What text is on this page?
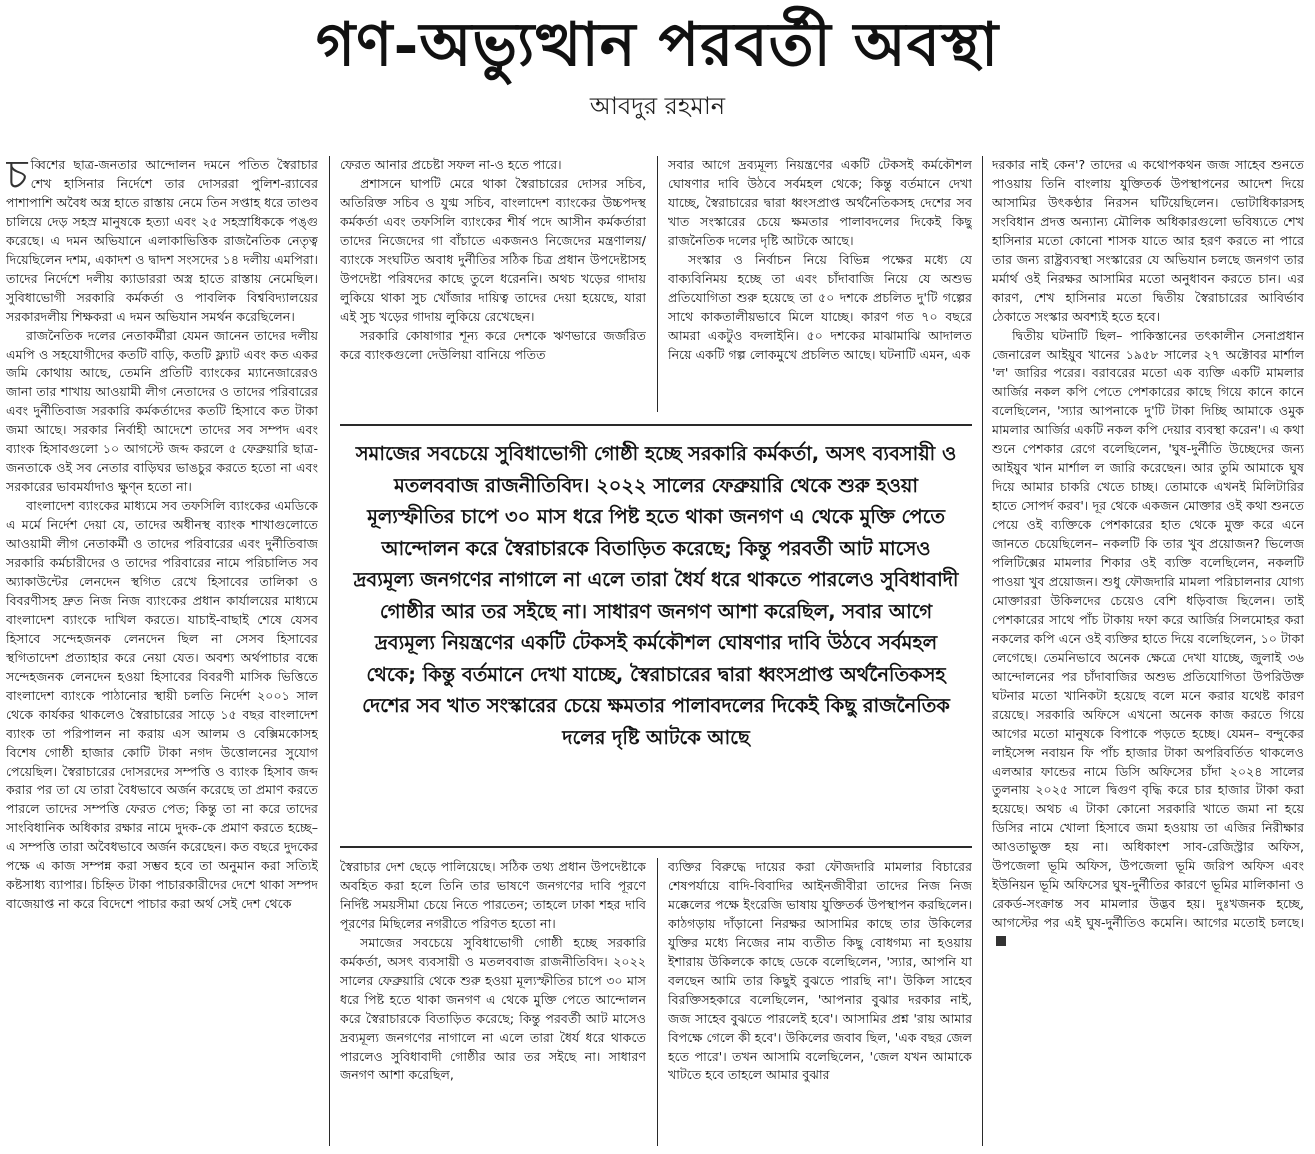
গণ-অভ্যুত্থান পরবর্তী অবস্থা
আবদুর রহমান

চব্বিশের ছাত্র-জনতার আন্দোলন দমনে পতিত স্বৈরাচার শেখ হাসিনার নির্দেশে তার দোসররা পুলিশ-র‍্যাবের পাশাপাশি অবৈধ অস্ত্র হাতে রাস্তায় নেমে তিন সপ্তাহ ধরে তাণ্ডব চালিয়ে দেড় সহস্র মানুষকে হত্যা এবং ২৫ সহস্রাধিককে পঙ্গু করেছে। এ দমন অভিযানে এলাকাভিত্তিক রাজনৈতিক নেতৃত্ব দিয়েছিলেন দশম, একাদশ ও দ্বাদশ সংসদের ১৪ দলীয় এমপিরা। তাদের নির্দেশে দলীয় ক্যাডাররা অস্ত্র হাতে রাস্তায় নেমেছিল। সুবিধাভোগী সরকারি কর্মকর্তা ও পাবলিক বিশ্ববিদ্যালয়ের সরকারদলীয় শিক্ষকরা এ দমন অভিযান সমর্থন করেছিলেন।

রাজনৈতিক দলের নেতাকর্মীরা যেমন জানেন তাদের দলীয় এমপি ও সহযোগীদের কতটি বাড়ি, কতটি ফ্ল্যাট এবং কত একর জমি কোথায় আছে, তেমনি প্রতিটি ব্যাংকের ম্যানেজারেরও জানা তার শাখায় আওয়ামী লীগ নেতাদের ও তাদের পরিবারের এবং দুর্নীতিবাজ সরকারি কর্মকর্তাদের কতটি হিসাবে কত টাকা জমা আছে। সরকার নির্বাহী আদেশে তাদের সব সম্পদ এবং ব্যাংক হিসাবগুলো ১০ আগস্টে জব্দ করলে ৫ ফেব্রুয়ারি ছাত্র-জনতাকে ওই সব নেতার বাড়িঘর ভাঙচুর করতে হতো না এবং সরকারের ভাবমর্যাদাও ক্ষুণ্ন হতো না।

বাংলাদেশ ব্যাংকের মাধ্যমে সব তফসিলি ব্যাংকের এমডিকে এ মর্মে নির্দেশ দেয়া যে, তাদের অধীনস্থ ব্যাংক শাখাগুলোতে আওয়ামী লীগ নেতাকর্মী ও তাদের পরিবারের এবং দুর্নীতিবাজ সরকারি কর্মচারীদের ও তাদের পরিবারের নামে পরিচালিত সব অ্যাকাউন্টের লেনদেন স্থগিত রেখে হিসাবের তালিকা ও বিবরণীসহ দ্রুত নিজ নিজ ব্যাংকের প্রধান কার্যালয়ের মাধ্যমে বাংলাদেশ ব্যাংকে দাখিল করতে। যাচাই-বাছাই শেষে যেসব হিসাবে সন্দেহজনক লেনদেন ছিল না সেসব হিসাবের স্থগিতাদেশ প্রত্যাহার করে নেয়া যেত। অবশ্য অর্থপাচার বন্ধে সন্দেহজনক লেনদেন হওয়া হিসাবের বিবরণী মাসিক ভিত্তিতে বাংলাদেশ ব্যাংকে পাঠানোর স্থায়ী চলতি নির্দেশ ২০০১ সাল থেকে কার্যকর থাকলেও স্বৈরাচারের সাড়ে ১৫ বছর বাংলাদেশ ব্যাংক তা পরিপালন না করায় এস আলম ও বেক্সিমকোসহ বিশেষ গোষ্ঠী হাজার কোটি টাকা নগদ উত্তোলনের সুযোগ পেয়েছিল। স্বৈরাচারের দোসরদের সম্পত্তি ও ব্যাংক হিসাব জব্দ করার পর তা যে তারা বৈধভাবে অর্জন করেছে তা প্রমাণ করতে পারলে তাদের সম্পত্তি ফেরত পেত; কিন্তু তা না করে তাদের সাংবিধানিক অধিকার রক্ষার নামে দুদক-কে প্রমাণ করতে হচ্ছে– এ সম্পত্তি তারা অবৈধভাবে অর্জন করেছেন। কত বছরে দুদকের পক্ষে এ কাজ সম্পন্ন করা সম্ভব হবে তা অনুমান করা সত্যিই কষ্টসাধ্য ব্যাপার। চিহ্নিত টাকা পাচারকারীদের দেশে থাকা সম্পদ বাজেয়াপ্ত না করে বিদেশে পাচার করা অর্থ সেই দেশ থেকে

ফেরত আনার প্রচেষ্টা সফল না-ও হতে পারে।

প্রশাসনে ঘাপটি মেরে থাকা স্বৈরাচারের দোসর সচিব, অতিরিক্ত সচিব ও যুগ্ম সচিব, বাংলাদেশ ব্যাংকের উচ্চপদস্থ কর্মকর্তা এবং তফসিলি ব্যাংকের শীর্ষ পদে আসীন কর্মকর্তারা তাদের নিজেদের গা বাঁচাতে একজনও নিজেদের মন্ত্রণালয়/ব্যাংকে সংঘটিত অবাধ দুর্নীতির সঠিক চিত্র প্রধান উপদেষ্টাসহ উপদেষ্টা পরিষদের কাছে তুলে ধরেননি। অথচ খড়ের গাদায় লুকিয়ে থাকা সুচ খোঁজার দায়িত্ব তাদের দেয়া হয়েছে, যারা এই সুচ খড়ের গাদায় লুকিয়ে রেখেছেন।

সরকারি কোষাগার শূন্য করে দেশকে ঋণভারে জর্জরিত করে ব্যাংকগুলো দেউলিয়া বানিয়ে পতিত

সবার আগে দ্রব্যমূল্য নিয়ন্ত্রণের একটি টেকসই কর্মকৌশল ঘোষণার দাবি উঠবে সর্বমহল থেকে; কিন্তু বর্তমানে দেখা যাচ্ছে, স্বৈরাচারের দ্বারা ধ্বংসপ্রাপ্ত অর্থনৈতিকসহ দেশের সব খাত সংস্কারের চেয়ে ক্ষমতার পালাবদলের দিকেই কিছু রাজনৈতিক দলের দৃষ্টি আটকে আছে।

সংস্কার ও নির্বাচন নিয়ে বিভিন্ন পক্ষের মধ্যে যে বাক্যবিনিময় হচ্ছে তা এবং চাঁদাবাজি নিয়ে যে অশুভ প্রতিযোগিতা শুরু হয়েছে তা ৫০ দশকে প্রচলিত দু'টি গল্পের সাথে কাকতালীয়ভাবে মিলে যাচ্ছে। কারণ গত ৭০ বছরে আমরা একটুও বদলাইনি। ৫০ দশকের মাঝামাঝি আদালত নিয়ে একটি গল্প লোকমুখে প্রচলিত আছে। ঘটনাটি এমন, এক

সমাজের সবচেয়ে সুবিধাভোগী গোষ্ঠী হচ্ছে সরকারি কর্মকর্তা, অসৎ ব্যবসায়ী ও মতলববাজ রাজনীতিবিদ। ২০২২ সালের ফেব্রুয়ারি থেকে শুরু হওয়া মূল্যস্ফীতির চাপে ৩০ মাস ধরে পিষ্ট হতে থাকা জনগণ এ থেকে মুক্তি পেতে আন্দোলন করে স্বৈরাচারকে বিতাড়িত করেছে; কিন্তু পরবর্তী আট মাসেও দ্রব্যমূল্য জনগণের নাগালে না এলে তারা ধৈর্য ধরে থাকতে পারলেও সুবিধাবাদী গোষ্ঠীর আর তর সইছে না। সাধারণ জনগণ আশা করেছিল, সবার আগে দ্রব্যমূল্য নিয়ন্ত্রণের একটি টেকসই কর্মকৌশল ঘোষণার দাবি উঠবে সর্বমহল থেকে; কিন্তু বর্তমানে দেখা যাচ্ছে, স্বৈরাচারের দ্বারা ধ্বংসপ্রাপ্ত অর্থনৈতিকসহ দেশের সব খাত সংস্কারের চেয়ে ক্ষমতার পালাবদলের দিকেই কিছু রাজনৈতিক দলের দৃষ্টি আটকে আছে

স্বৈরাচার দেশ ছেড়ে পালিয়েছে। সঠিক তথ্য প্রধান উপদেষ্টাকে অবহিত করা হলে তিনি তার ভাষণে জনগণের দাবি পূরণে নির্দিষ্ট সময়সীমা চেয়ে নিতে পারতেন; তাহলে ঢাকা শহর দাবি পূরণের মিছিলের নগরীতে পরিণত হতো না।

সমাজের সবচেয়ে সুবিধাভোগী গোষ্ঠী হচ্ছে সরকারি কর্মকর্তা, অসৎ ব্যবসায়ী ও মতলববাজ রাজনীতিবিদ। ২০২২ সালের ফেব্রুয়ারি থেকে শুরু হওয়া মূল্যস্ফীতির চাপে ৩০ মাস ধরে পিষ্ট হতে থাকা জনগণ এ থেকে মুক্তি পেতে আন্দোলন করে স্বৈরাচারকে বিতাড়িত করেছে; কিন্তু পরবর্তী আট মাসেও দ্রব্যমূল্য জনগণের নাগালে না এলে তারা ধৈর্য ধরে থাকতে পারলেও সুবিধাবাদী গোষ্ঠীর আর তর সইছে না। সাধারণ জনগণ আশা করেছিল,

ব্যক্তির বিরুদ্ধে দায়ের করা ফৌজদারি মামলার বিচারের শেষপর্যায়ে বাদি-বিবাদির আইনজীবীরা তাদের নিজ নিজ মক্কেলের পক্ষে ইংরেজি ভাষায় যুক্তিতর্ক উপস্থাপন করছিলেন। কাঠগড়ায় দাঁড়ানো নিরক্ষর আসামির কাছে তার উকিলের যুক্তির মধ্যে নিজের নাম ব্যতীত কিছু বোধগম্য না হওয়ায় ইশারায় উকিলকে কাছে ডেকে বলেছিলেন, 'স্যার, আপনি যা বলছেন আমি তার কিছুই বুঝতে পারছি না'। উকিল সাহেব বিরক্তিসহকারে বলেছিলেন, 'আপনার বুঝার দরকার নাই, জজ সাহেব বুঝতে পারলেই হবে'। আসামির প্রশ্ন 'রায় আমার বিপক্ষে গেলে কী হবে'। উকিলের জবাব ছিল, 'এক বছর জেল হতে পারে'। তখন আসামি বলেছিলেন, 'জেল যখন আমাকে খাটতে হবে তাহলে আমার বুঝার

দরকার নাই কেন'? তাদের এ কথোপকথন জজ সাহেব শুনতে পাওয়ায় তিনি বাংলায় যুক্তিতর্ক উপস্থাপনের আদেশ দিয়ে আসামির উৎকণ্ঠার নিরসন ঘটিয়েছিলেন। ভোটাধিকারসহ সংবিধান প্রদত্ত অন্যান্য মৌলিক অধিকারগুলো ভবিষ্যতে শেখ হাসিনার মতো কোনো শাসক যাতে আর হরণ করতে না পারে তার জন্য রাষ্ট্রব্যবস্থা সংস্কারের যে অভিযান চলছে জনগণ তার মর্মার্থ ওই নিরক্ষর আসামির মতো অনুধাবন করতে চান। এর কারণ, শেখ হাসিনার মতো দ্বিতীয় স্বৈরাচারের আবির্ভাব ঠেকাতে সংস্কার অবশ্যই হতে হবে।

দ্বিতীয় ঘটনাটি ছিল– পাকিস্তানের তৎকালীন সেনাপ্রধান জেনারেল আইয়ুব খানের ১৯৫৮ সালের ২৭ অক্টোবর মার্শাল 'ল' জারির পরের। বরাবরের মতো এক ব্যক্তি একটি মামলার আর্জির নকল কপি পেতে পেশকারের কাছে গিয়ে কানে কানে বলেছিলেন, 'স্যার আপনাকে দু'টি টাকা দিচ্ছি আমাকে ওমুক মামলার আর্জির একটি নকল কপি দেয়ার ব্যবস্থা করেন'। এ কথা শুনে পেশকার রেগে বলেছিলেন, 'ঘুষ-দুর্নীতি উচ্ছেদের জন্য আইয়ুব খান মার্শাল ল জারি করেছেন। আর তুমি আমাকে ঘুষ দিয়ে আমার চাকরি খেতে চাচ্ছ। তোমাকে এখনই মিলিটারির হাতে সোপর্দ করব'। দূর থেকে একজন মোক্তার ওই কথা শুনতে পেয়ে ওই ব্যক্তিকে পেশকারের হাত থেকে মুক্ত করে এনে জানতে চেয়েছিলেন– নকলটি কি তার খুব প্রয়োজন? ভিলেজ পলিটিক্সের মামলার শিকার ওই ব্যক্তি বলেছিলেন, নকলটি পাওয়া খুব প্রয়োজন। শুধু ফৌজদারি মামলা পরিচালনার যোগ্য মোক্তাররা উকিলদের চেয়েও বেশি ধড়িবাজ ছিলেন। তাই পেশকারের সাথে পাঁচ টাকায় দফা করে আর্জির সিলমোহর করা নকলের কপি এনে ওই ব্যক্তির হাতে দিয়ে বলেছিলেন, ১০ টাকা লেগেছে। তেমনিভাবে অনেক ক্ষেত্রে দেখা যাচ্ছে, জুলাই ৩৬ আন্দোলনের পর চাঁদাবাজির অশুভ প্রতিযোগিতা উপরিউক্ত ঘটনার মতো খানিকটা হয়েছে বলে মনে করার যথেষ্ট কারণ রয়েছে। সরকারি অফিসে এখনো অনেক কাজ করতে গিয়ে আগের মতো মানুষকে বিপাকে পড়তে হচ্ছে। যেমন– বন্দুকের লাইসেন্স নবায়ন ফি পাঁচ হাজার টাকা অপরিবর্তিত থাকলেও এলআর ফান্ডের নামে ডিসি অফিসের চাঁদা ২০২৪ সালের তুলনায় ২০২৫ সালে দ্বিগুণ বৃদ্ধি করে চার হাজার টাকা করা হয়েছে। অথচ এ টাকা কোনো সরকারি খাতে জমা না হয়ে ডিসির নামে খোলা হিসাবে জমা হওয়ায় তা এজির নিরীক্ষার আওতাভুক্ত হয় না। অধিকাংশ সাব-রেজিস্ট্রার অফিস, উপজেলা ভূমি অফিস, উপজেলা ভূমি জরিপ অফিস এবং ইউনিয়ন ভূমি অফিসের ঘুষ-দুর্নীতির কারণে ভূমির মালিকানা ও রেকর্ড-সংক্রান্ত সব মামলার উদ্ভব হয়। দুঃখজনক হচ্ছে, আগস্টের পর এই ঘুষ-দুর্নীতিও কমেনি। আগের মতোই চলছে।
